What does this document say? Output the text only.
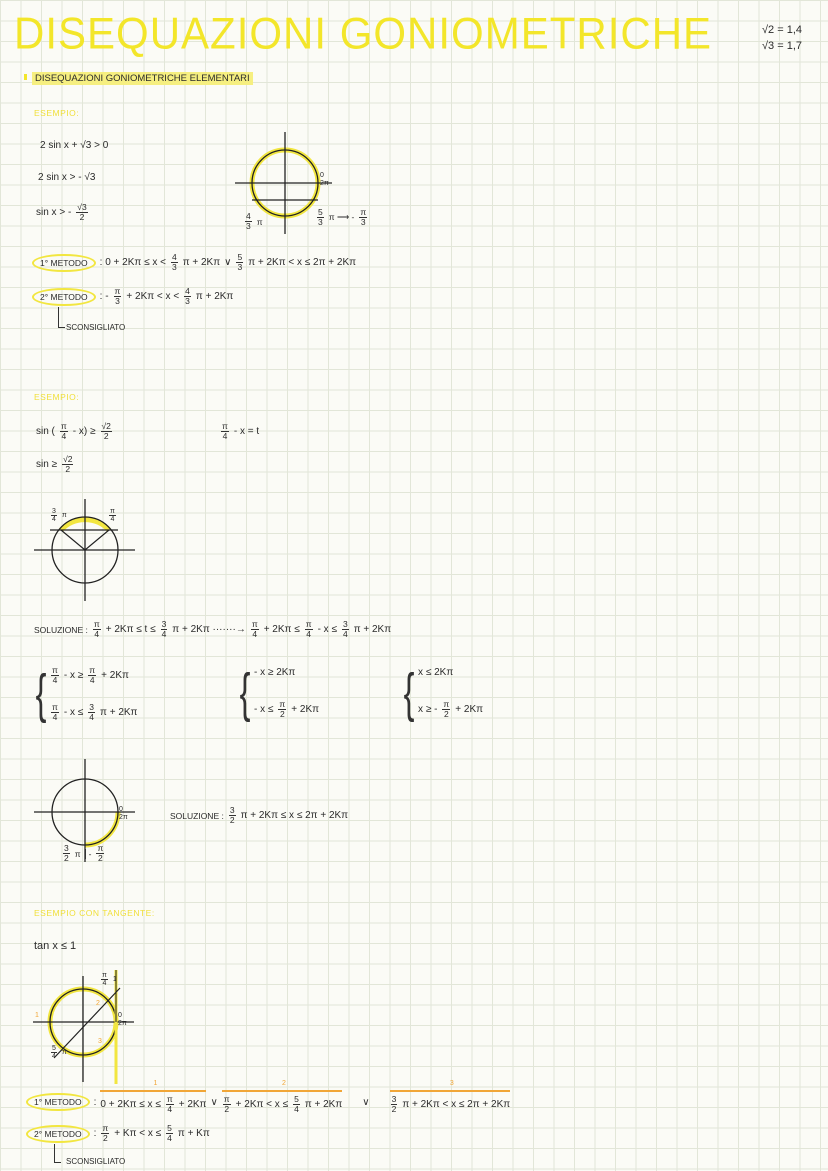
DISEQUAZIONI GONIOMETRICHE	√2 = 1,4
√3 = 1,7
DISEQUAZIONI GONIOMETRICHE ELEMENTARI
ESEMPIO:
2 sin x + √3 > 0
2 sin x > - √3
sin x > - $\frac{√3}{2}$
0
2π
$\frac{4}{3}$ π	$\frac{5}{3}$ π ⟶ - $\frac{\pi}{3}$
1° METODO	: $0 + 2K\pi \le x < \frac{4}{3}$ π + 2Kπ ∨ $\frac{5}{3}$ π + 2Kπ < x ≤ 2π + 2Kπ
2° METODO	: - $\frac{\pi}{3} + 2K\pi < x < \frac{4}{3}$ π + 2Kπ
SCONSIGLIATO
ESEMPIO:
sin ( $\frac{\pi}{4} - x) \ge \frac{√2}{2}$	$\frac{\pi}{4} - x = t$
$\sin \ge \frac{√2}{2}$
$\frac{3}{4}$ π	$\frac{\pi}{4}$
SOLUZIONE : $\frac{\pi}{4} + 2K\pi \le t \le \frac{3}{4}$ π + 2Kπ ·······→ $\frac{\pi}{4} + 2K\pi \le \frac{\pi}{4} - x \le \frac{3}{4}$ π + 2Kπ
{ $\frac{\pi}{4} - x \ge \frac{\pi}{4} + 2K\pi$
$\frac{\pi}{4} - x \le \frac{3}{4}$ π + 2Kπ { - x ≥ 2Kπ
- $x \le \frac{\pi}{2} + 2K\pi$ { x ≤ 2Kπ
x ≥ - $\frac{\pi}{2} + 2K\pi$
0
2π
$\frac{3}{2}$ π - $\frac{\pi}{2}$
SOLUZIONE : $\frac{3}{2}$ π + 2Kπ ≤ x ≤ 2π + 2Kπ
ESEMPIO CON TANGENTE:
tan x ≤ 1
$\frac{\pi}{4} 1$
0
2π
$\frac{5}{4}$ π
1
2
3
1° METODO	:
1
$0 + 2K\pi \le x \le \frac{\pi}{4} + 2K\pi$ ∨
2
$\frac{\pi}{2} + 2K\pi < x \le \frac{5}{4}$ π + 2Kπ ∨
3
$\frac{3}{2}$ π + 2Kπ < x ≤ 2π + 2Kπ
2° METODO	: $\frac{\pi}{2} + K\pi < x \le \frac{5}{4}$ π + Kπ
SCONSIGLIATO
